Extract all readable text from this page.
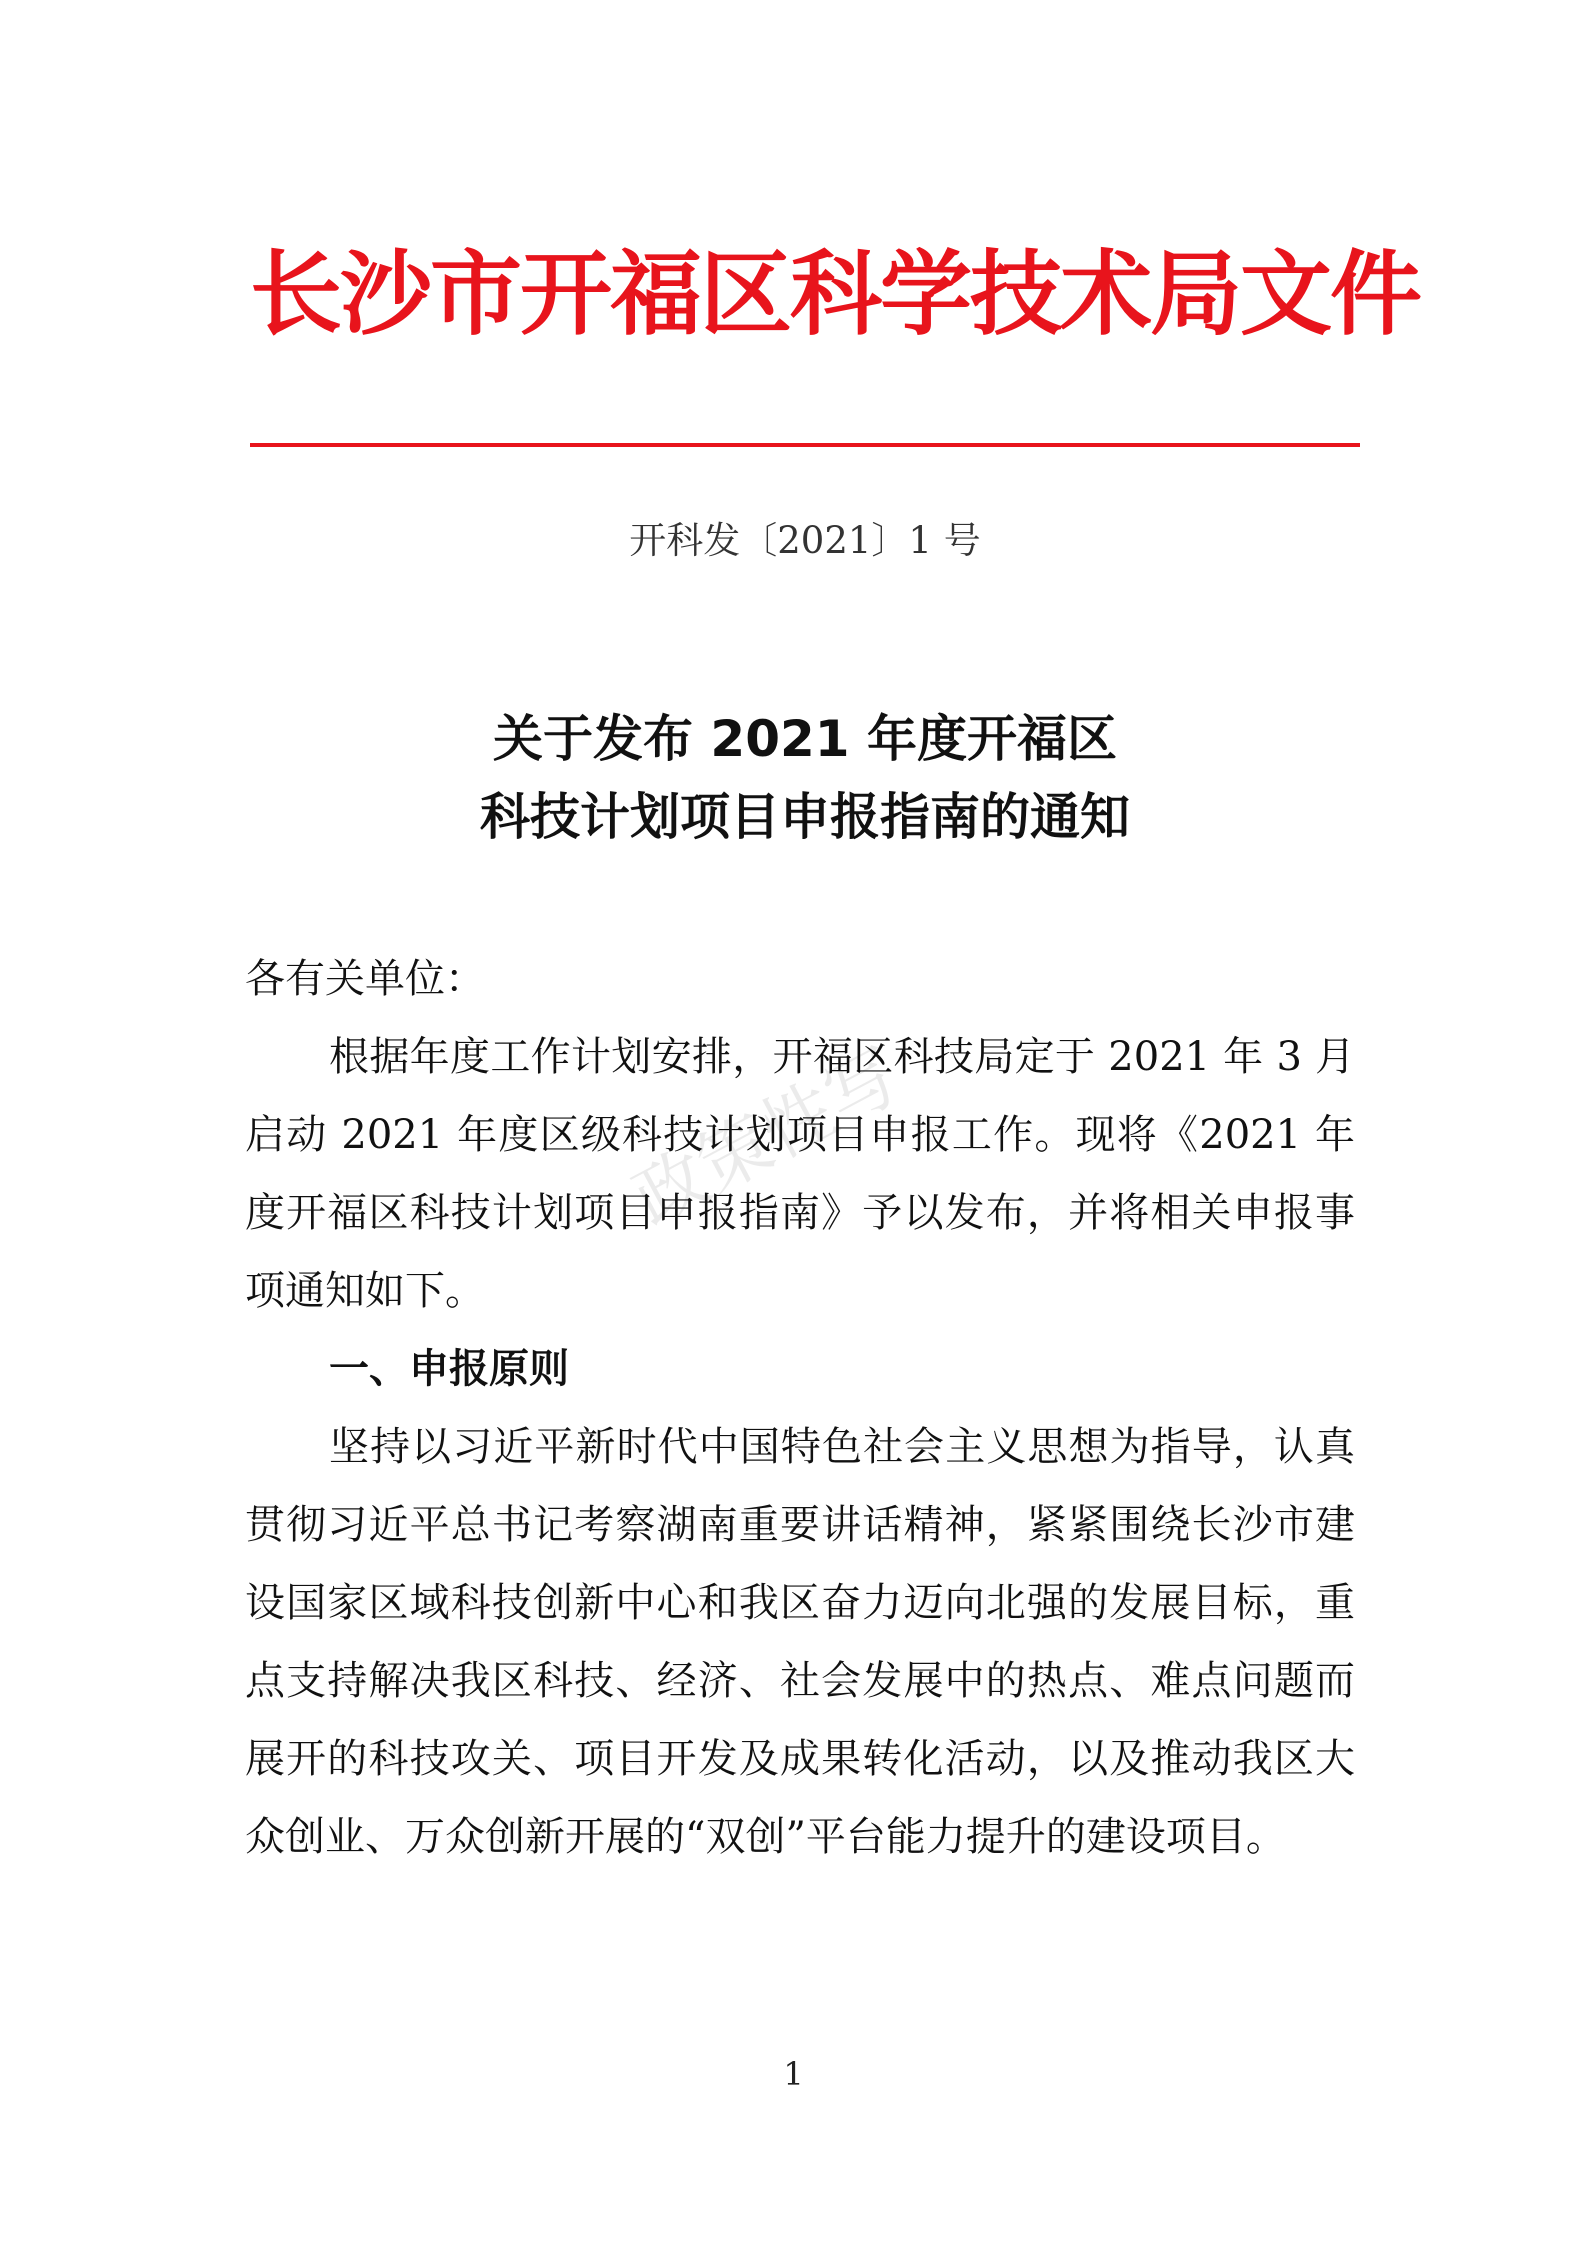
长沙市开福区科学技术局文件
开科发〔2021〕1 号
关于发布 2021 年度开福区
科技计划项目申报指南的通知
政策性写

各有关单位：

根据年度工作计划安排，开福区科技局定于 2021 年 3 月启动 2021 年度区级科技计划项目申报工作。现将《2021 年度开福区科技计划项目申报指南》予以发布，并将相关申报事项通知如下。

一、申报原则

坚持以习近平新时代中国特色社会主义思想为指导，认真贯彻习近平总书记考察湖南重要讲话精神，紧紧围绕长沙市建设国家区域科技创新中心和我区奋力迈向北强的发展目标，重点支持解决我区科技、经济、社会发展中的热点、难点问题而展开的科技攻关、项目开发及成果转化活动，以及推动我区大众创业、万众创新开展的“双创”平台能力提升的建设项目。

1
